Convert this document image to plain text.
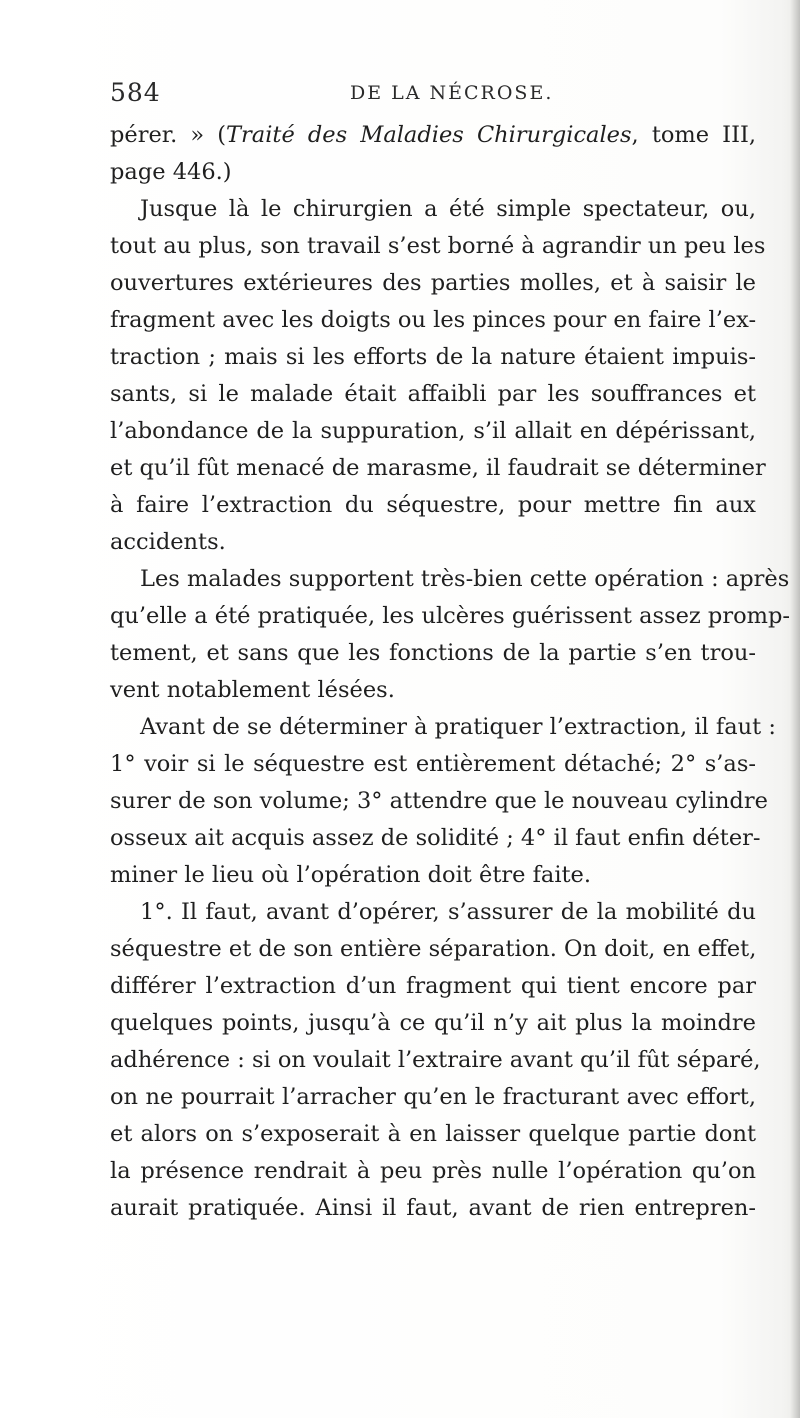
584	DE LA NÉCROSE.
pérer. » (Traité des Maladies Chirurgicales, tome III,
page 446.)
Jusque là le chirurgien a été simple spectateur, ou,
tout au plus, son travail s’est borné à agrandir un peu les
ouvertures extérieures des parties molles, et à saisir le
fragment avec les doigts ou les pinces pour en faire l’ex-
traction ; mais si les efforts de la nature étaient impuis-
sants, si le malade était affaibli par les souffrances et
l’abondance de la suppuration, s’il allait en dépérissant,
et qu’il fût menacé de marasme, il faudrait se déterminer
à faire l’extraction du séquestre, pour mettre fin aux
accidents.
Les malades supportent très-bien cette opération : après
qu’elle a été pratiquée, les ulcères guérissent assez promp-
tement, et sans que les fonctions de la partie s’en trou-
vent notablement lésées.
Avant de se déterminer à pratiquer l’extraction, il faut :
1° voir si le séquestre est entièrement détaché; 2° s’as-
surer de son volume; 3° attendre que le nouveau cylindre
osseux ait acquis assez de solidité ; 4° il faut enfin déter-
miner le lieu où l’opération doit être faite.
1°. Il faut, avant d’opérer, s’assurer de la mobilité du
séquestre et de son entière séparation. On doit, en effet,
différer l’extraction d’un fragment qui tient encore par
quelques points, jusqu’à ce qu’il n’y ait plus la moindre
adhérence : si on voulait l’extraire avant qu’il fût séparé,
on ne pourrait l’arracher qu’en le fracturant avec effort,
et alors on s’exposerait à en laisser quelque partie dont
la présence rendrait à peu près nulle l’opération qu’on
aurait pratiquée. Ainsi il faut, avant de rien entrepren-
